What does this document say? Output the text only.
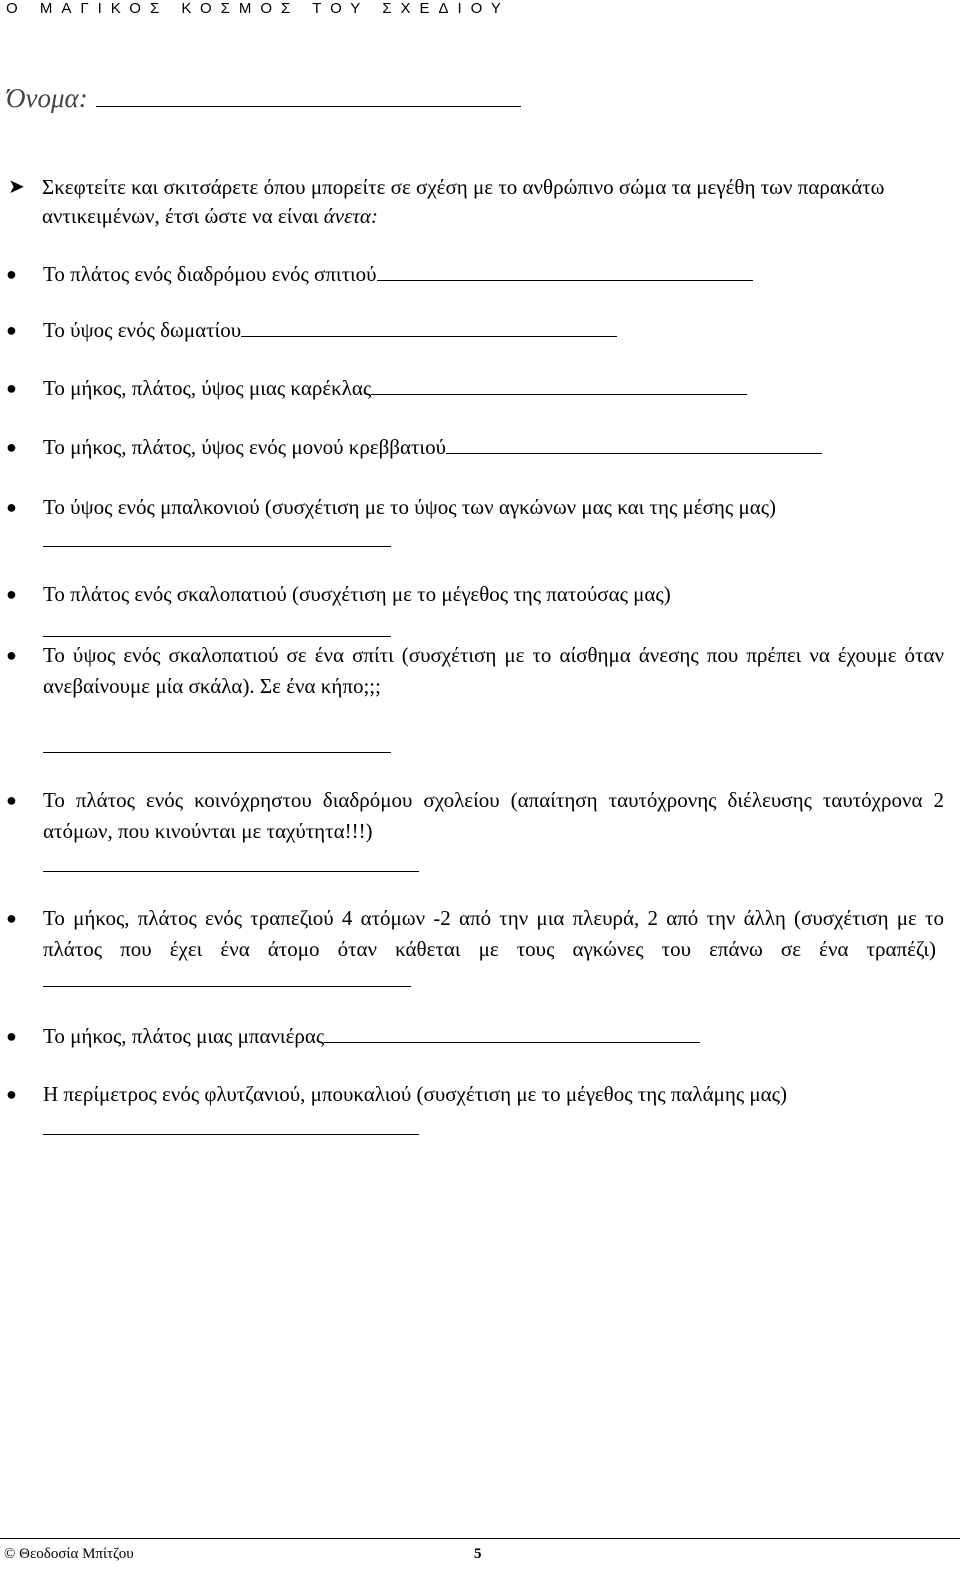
Ο ΜΑΓΙΚΟΣ ΚΟΣΜΟΣ ΤΟΥ ΣΧΕΔΙΟΥ
Όνομα:
➤ Σκεφτείτε και σκιτσάρετε όπου μπορείτε σε σχέση με το ανθρώπινο σώμα τα μεγέθη των παρακάτω αντικειμένων, έτσι ώστε να είναι άνετα:
● Το πλάτος ενός διαδρόμου ενός σπιτιού
● Το ύψος ενός δωματίου
● Το μήκος, πλάτος, ύψος μιας καρέκλας
● Το μήκος, πλάτος, ύψος ενός μονού κρεββατιού
● Το ύψος ενός μπαλκονιού (συσχέτιση με το ύψος των αγκώνων μας και της μέσης μας)
● Το πλάτος ενός σκαλοπατιού (συσχέτιση με το μέγεθος της πατούσας μας)
● Το ύψος ενός σκαλοπατιού σε ένα σπίτι (συσχέτιση με το αίσθημα άνεσης που πρέπει να έχουμε όταν ανεβαίνουμε μία σκάλα). Σε ένα κήπο;;;
● Το πλάτος ενός κοινόχρηστου διαδρόμου σχολείου (απαίτηση ταυτόχρονης διέλευσης ταυτόχρονα 2 ατόμων, που κινούνται με ταχύτητα!!!)
● Το μήκος, πλάτος ενός τραπεζιού 4 ατόμων -2 από την μια πλευρά, 2 από την άλλη (συσχέτιση με το πλάτος που έχει ένα άτομο όταν κάθεται με τους αγκώνες του επάνω σε ένα τραπέζι)
● Το μήκος, πλάτος μιας μπανιέρας
● Η περίμετρος ενός φλυτζανιού, μπουκαλιού (συσχέτιση με το μέγεθος της παλάμης μας)
© Θεοδοσία Μπίτζου	5
